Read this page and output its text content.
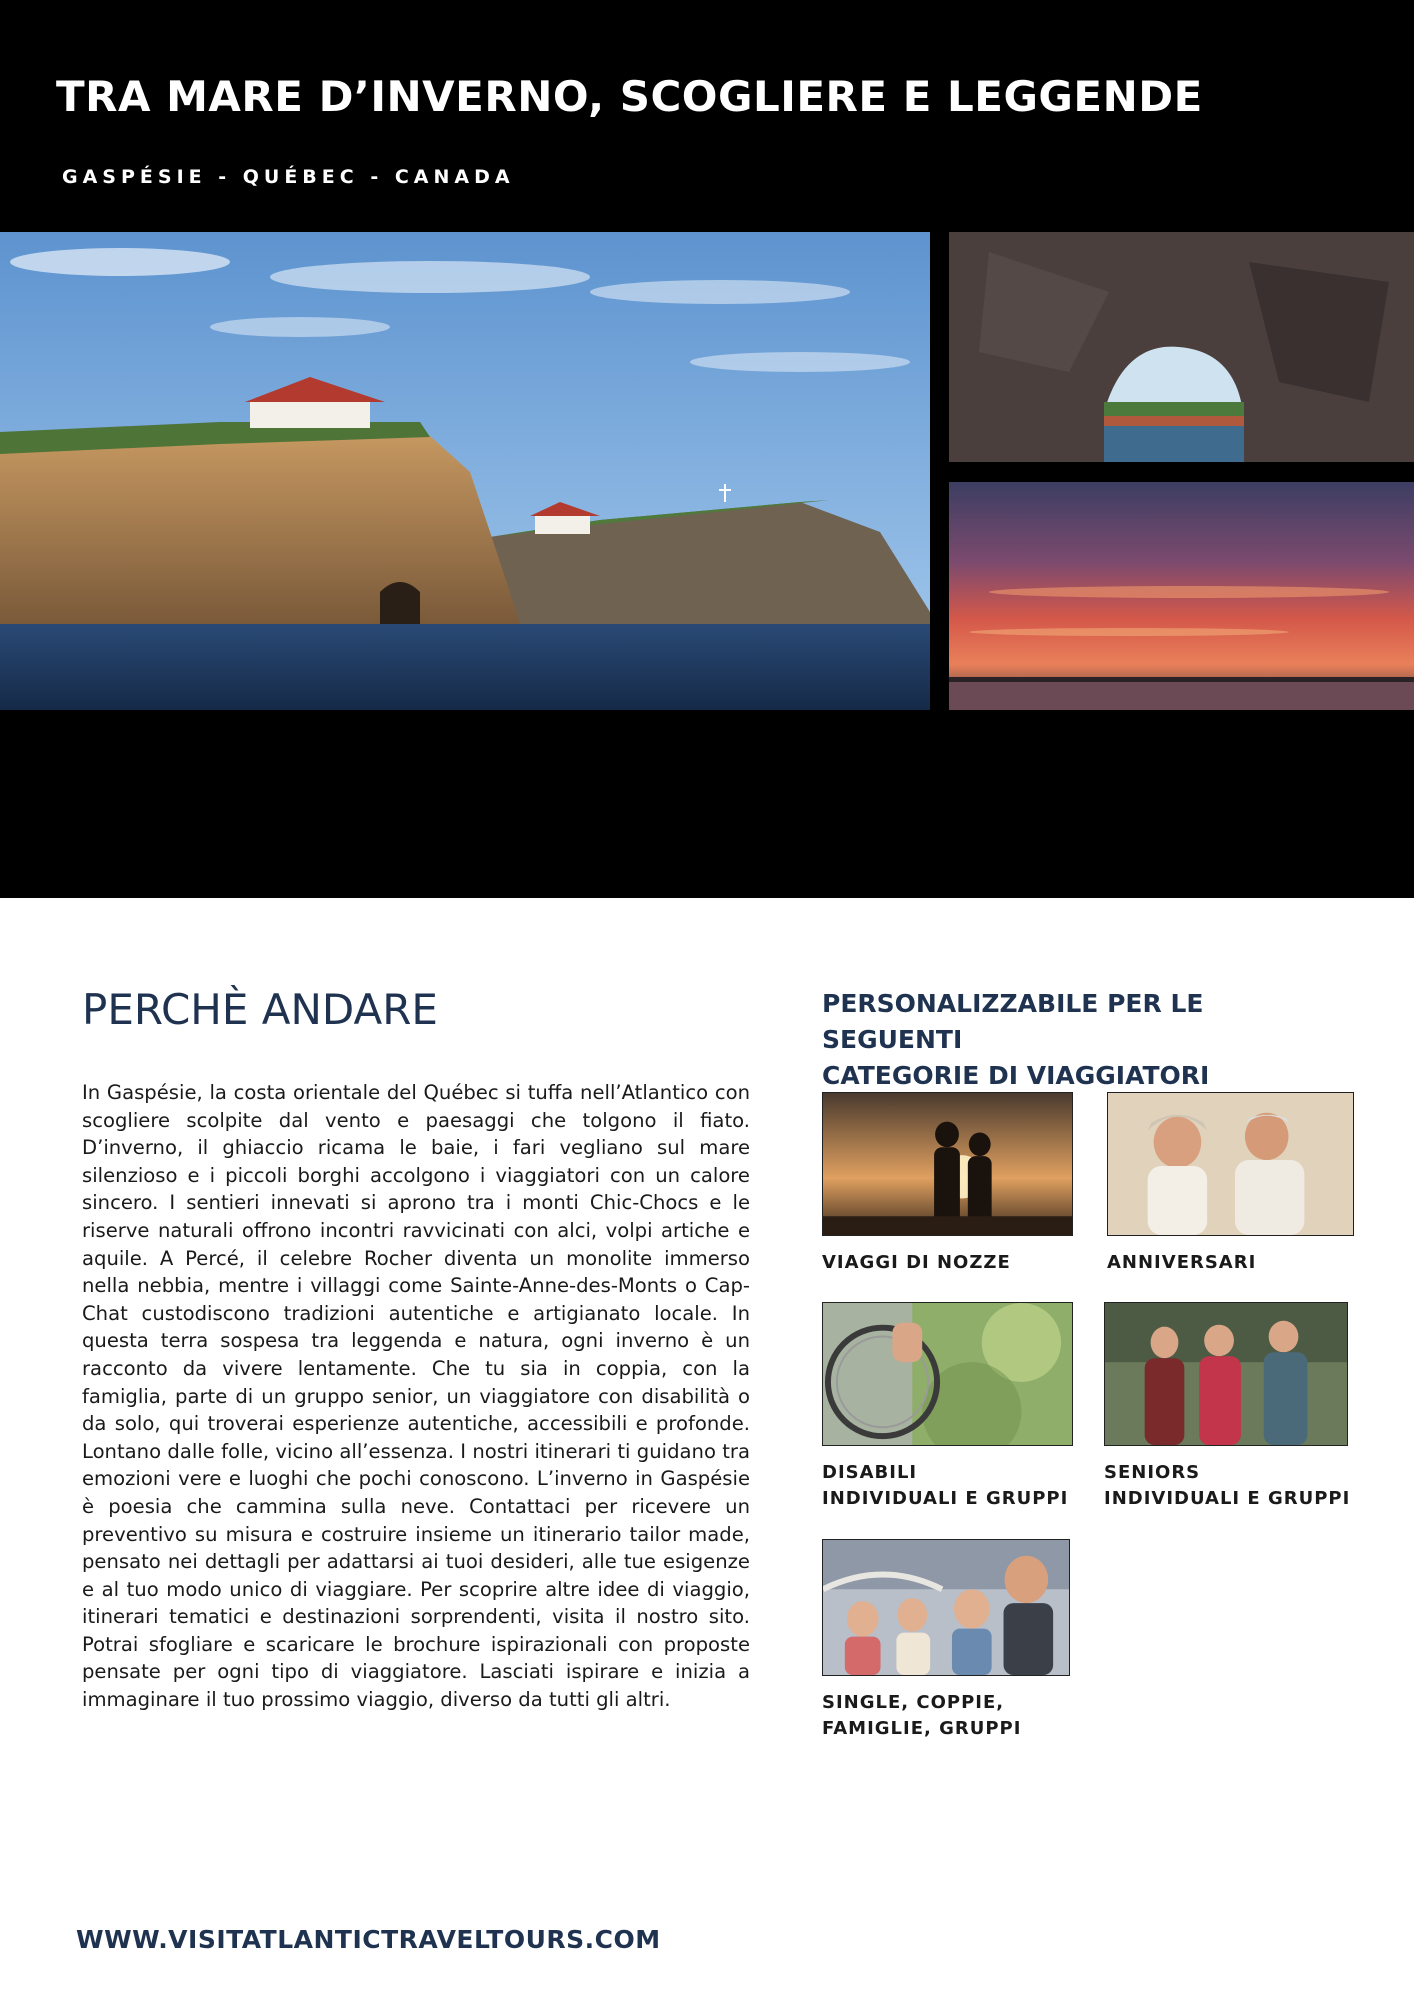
TRA MARE D’INVERNO, SCOGLIERE E LEGGENDE
GASPÉSIE - QUÉBEC - CANADA
PERCHÈ ANDARE

In Gaspésie, la costa orientale del Québec si tuffa nell’Atlantico con scogliere scolpite dal vento e paesaggi che tolgono il fiato. D’inverno, il ghiaccio ricama le baie, i fari vegliano sul mare silenzioso e i piccoli borghi accolgono i viaggiatori con un calore sincero. I sentieri innevati si aprono tra i monti Chic-Chocs e le riserve naturali offrono incontri ravvicinati con alci, volpi artiche e aquile. A Percé, il celebre Rocher diventa un monolite immerso nella nebbia, mentre i villaggi come Sainte-Anne-des-Monts o Cap-Chat custodiscono tradizioni autentiche e artigianato locale. In questa terra sospesa tra leggenda e natura, ogni inverno è un racconto da vivere lentamente. Che tu sia in coppia, con la famiglia, parte di un gruppo senior, un viaggiatore con disabilità o da solo, qui troverai esperienze autentiche, accessibili e profonde. Lontano dalle folle, vicino all’essenza. I nostri itinerari ti guidano tra emozioni vere e luoghi che pochi conoscono. L’inverno in Gaspésie è poesia che cammina sulla neve. Contattaci per ricevere un preventivo su misura e costruire insieme un itinerario tailor made, pensato nei dettagli per adattarsi ai tuoi desideri, alle tue esigenze e al tuo modo unico di viaggiare. Per scoprire altre idee di viaggio, itinerari tematici e destinazioni sorprendenti, visita il nostro sito. Potrai sfogliare e scaricare le brochure ispirazionali con proposte pensate per ogni tipo di viaggiatore. Lasciati ispirare e inizia a immaginare il tuo prossimo viaggio, diverso da tutti gli altri.

PERSONALIZZABILE PER LE SEGUENTI
CATEGORIE DI VIAGGIATORI
VIAGGI DI NOZZE	ANNIVERSARI
DISABILI
INDIVIDUALI E GRUPPI
SENIORS
INDIVIDUALI E GRUPPI
SINGLE, COPPIE,
FAMIGLIE, GRUPPI
WWW.VISITATLANTICTRAVELTOURS.COM
